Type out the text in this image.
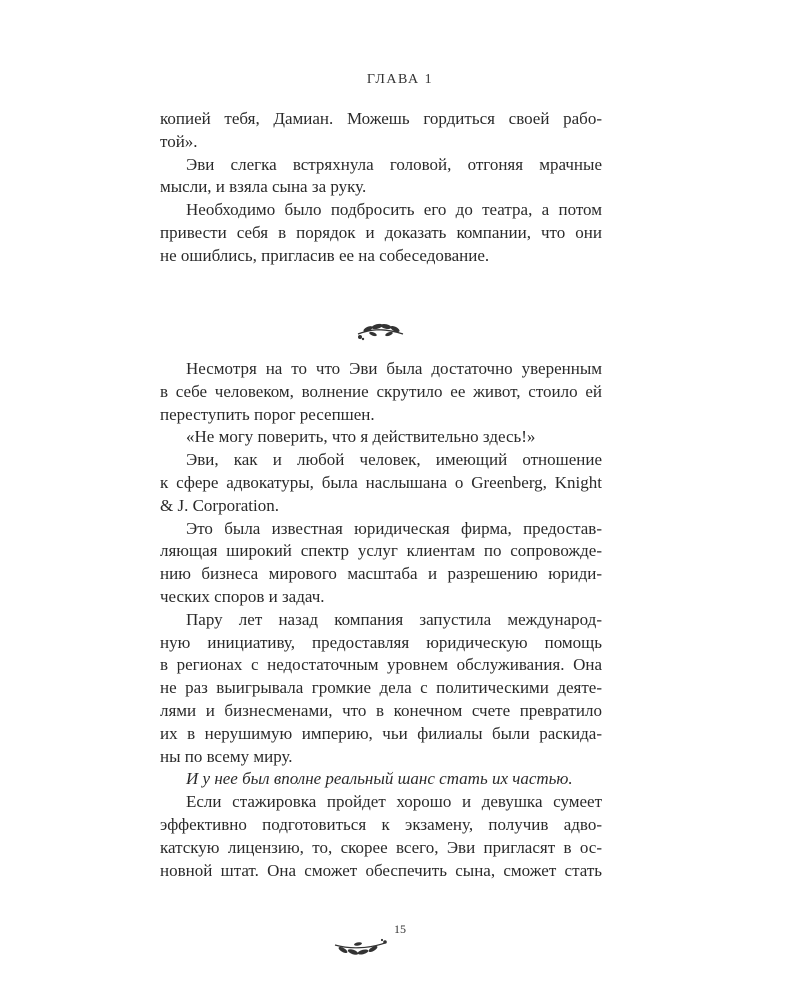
ГЛАВА 1

копией тебя, Дамиан. Можешь гордиться своей рабо-

той».

Эви слегка встряхнула головой, отгоняя мрачные

мысли, и взяла сына за руку.

Необходимо было подбросить его до театра, а потом

привести себя в порядок и доказать компании, что они

не ошиблись, пригласив ее на собеседование.

Несмотря на то что Эви была достаточно уверенным

в себе человеком, волнение скрутило ее живот, стоило ей

переступить порог ресепшен.

«Не могу поверить, что я действительно здесь!»

Эви, как и любой человек, имеющий отношение

к сфере адвокатуры, была наслышана о Greenberg, Knight

& J. Corporation.

Это была известная юридическая фирма, предостав-

ляющая широкий спектр услуг клиентам по сопровожде-

нию бизнеса мирового масштаба и разрешению юриди-

ческих споров и задач.

Пару лет назад компания запустила международ-

ную инициативу, предоставляя юридическую помощь

в регионах с недостаточным уровнем обслуживания. Она

не раз выигрывала громкие дела с политическими деяте-

лями и бизнесменами, что в конечном счете превратило

их в нерушимую империю, чьи филиалы были раскида-

ны по всему миру.

И у нее был вполне реальный шанс стать их частью.

Если стажировка пройдет хорошо и девушка сумеет

эффективно подготовиться к экзамену, получив адво-

катскую лицензию, то, скорее всего, Эви пригласят в ос-

новной штат. Она сможет обеспечить сына, сможет стать

15
